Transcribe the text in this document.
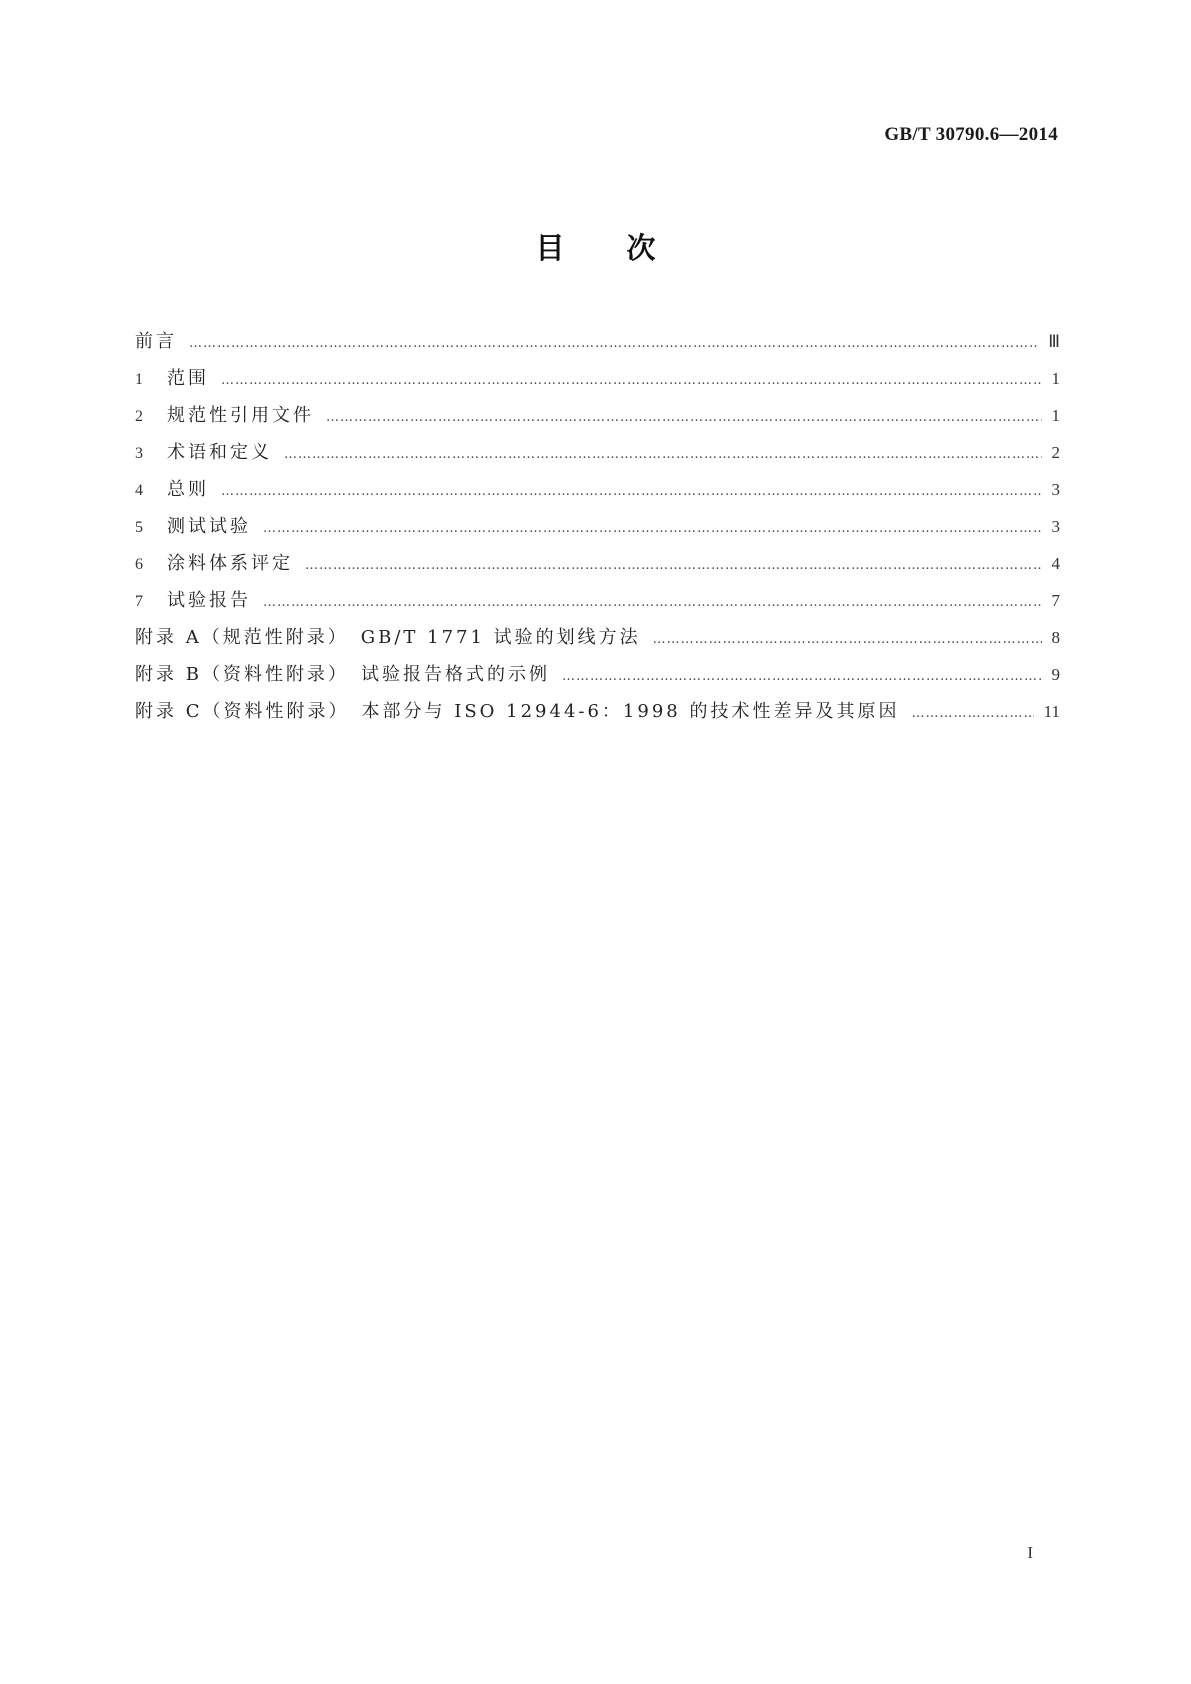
GB/T 30790.6—2014
目次
前言 ……………………………………………………………………………………………………………………………………………………………………………………………………………………	Ⅲ
1	范围 ……………………………………………………………………………………………………………………………………………………………………………………………………………………	1
2	规范性引用文件 ……………………………………………………………………………………………………………………………………………………………………………………………………………………	1
3	术语和定义 ……………………………………………………………………………………………………………………………………………………………………………………………………………………	2
4	总则 ……………………………………………………………………………………………………………………………………………………………………………………………………………………	3
5	测试试验 ……………………………………………………………………………………………………………………………………………………………………………………………………………………	3
6	涂料体系评定 ……………………………………………………………………………………………………………………………………………………………………………………………………………………	4
7	试验报告 ……………………………………………………………………………………………………………………………………………………………………………………………………………………	7
附录 A（规范性附录）　GB/T 1771 试验的划线方法 ……………………………………………………………………………………………………………………………………………………………………………………………………………………	8
附录 B（资料性附录）　试验报告格式的示例 ……………………………………………………………………………………………………………………………………………………………………………………………………………………	9
附录 C（资料性附录）　本部分与 ISO 12944-6：1998 的技术性差异及其原因 ……………………………………………………………………………………………………………………………………………………………………………………………………………………	11
I
